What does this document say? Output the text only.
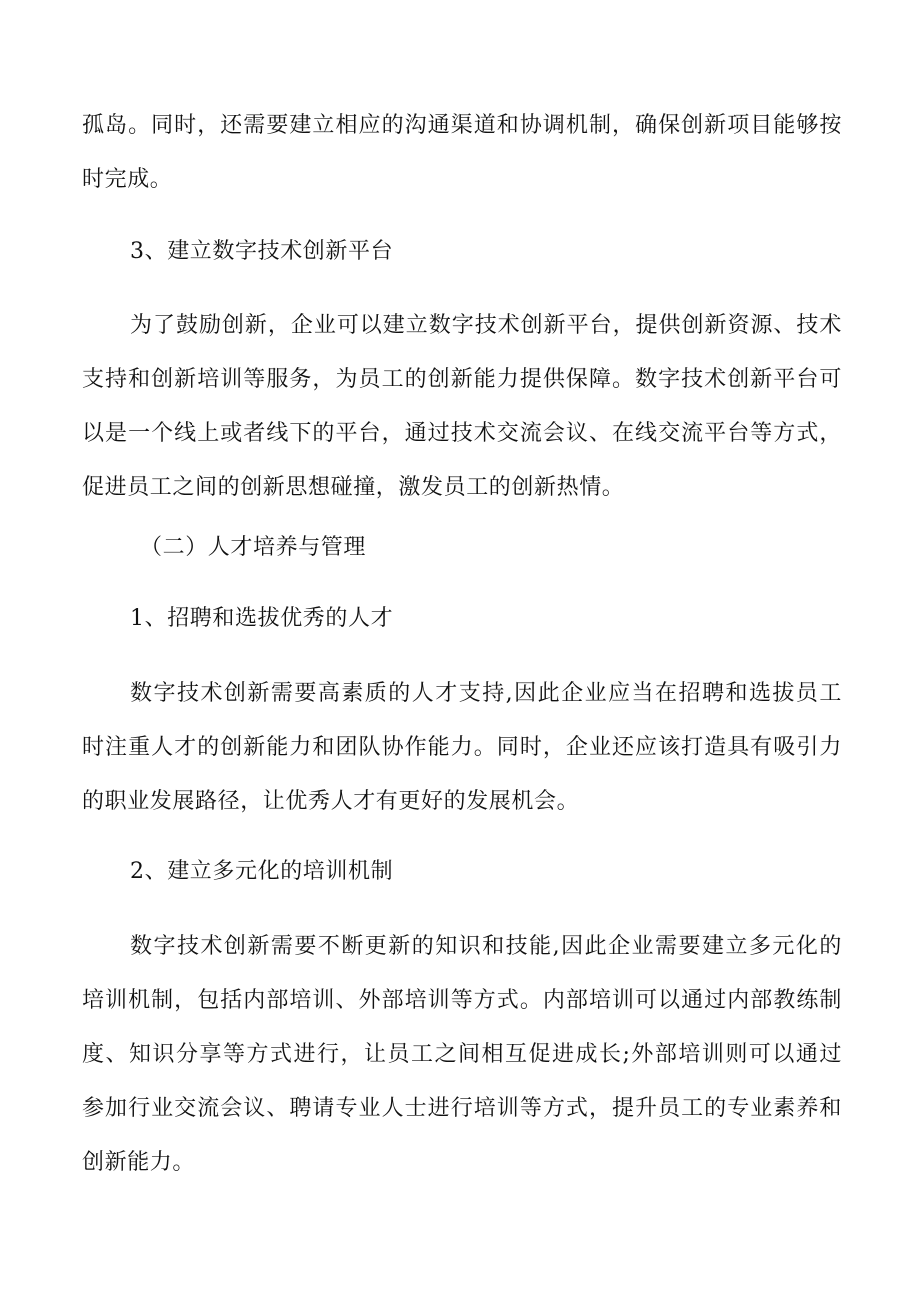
孤岛。同时，还需要建立相应的沟通渠道和协调机制，确保创新项目能够按
时完成。
3、建立数字技术创新平台
为了鼓励创新，企业可以建立数字技术创新平台，提供创新资源、技术
支持和创新培训等服务，为员工的创新能力提供保障。数字技术创新平台可
以是一个线上或者线下的平台，通过技术交流会议、在线交流平台等方式，
促进员工之间的创新思想碰撞，激发员工的创新热情。
（二）人才培养与管理
1、招聘和选拔优秀的人才
数字技术创新需要高素质的人才支持,因此企业应当在招聘和选拔员工
时注重人才的创新能力和团队协作能力。同时，企业还应该打造具有吸引力
的职业发展路径，让优秀人才有更好的发展机会。
2、建立多元化的培训机制
数字技术创新需要不断更新的知识和技能,因此企业需要建立多元化的
培训机制，包括内部培训、外部培训等方式。内部培训可以通过内部教练制
度、知识分享等方式进行，让员工之间相互促进成长;外部培训则可以通过
参加行业交流会议、聘请专业人士进行培训等方式，提升员工的专业素养和
创新能力。
